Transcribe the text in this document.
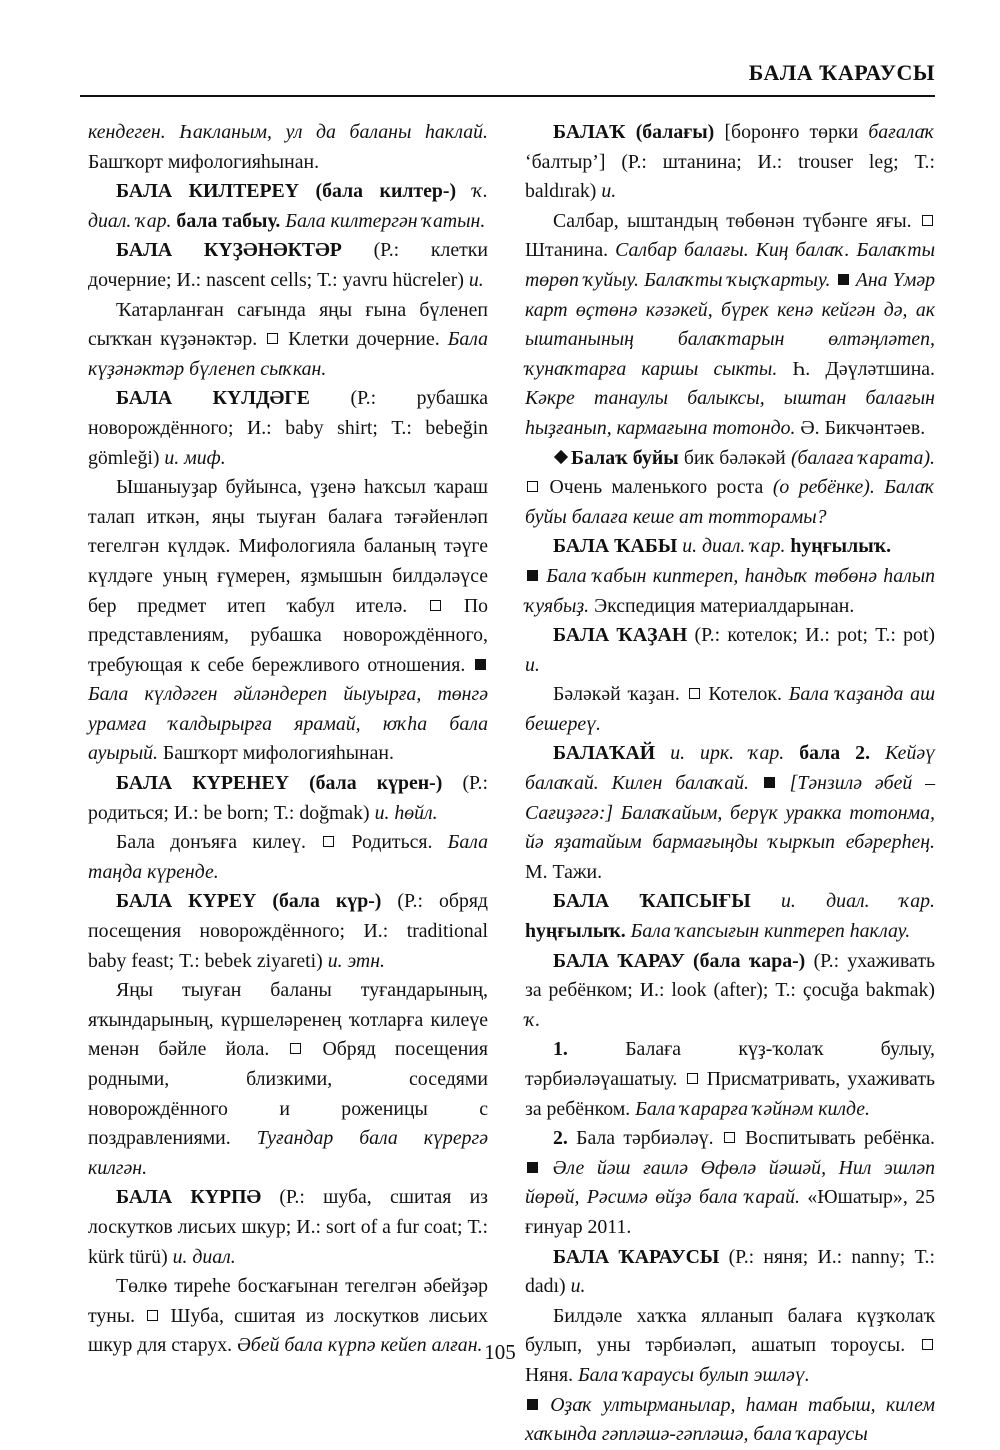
БАЛА ҠАРАУСЫ

кендеген. Һакланым, ул да баланы һаклай. Башҡорт мифологияһынан.

БАЛА КИЛТЕРЕҮ (бала килтер-) ҡ. диал. ҡар. бала табыу. Бала килтергән ҡатын.

БАЛА КҮҘӘНӘКТӘР (Р.: клетки дочерние; И.: nascent cells; Т.: yavru hücreler) и.

Ҡатарланған сағында яңы ғына бүленеп сыҡҡан күҙәнәктәр.  Клетки дочерние. Бала күҙәнәктәр бүленеп сыҡкан.

БАЛА КҮЛДӘГЕ (Р.: рубашка новорождённого; И.: baby shirt; Т.: bebeğin gömleği) и. миф.

Ышаныуҙар буйынса, үҙенә һаҡсыл ҡараш талап иткән, яңы тыуған балаға тәғәйенләп тегелгән күлдәк. Мифологияла баланың тәүге күлдәге уның ғүмерен, яҙмышын билдәләүсе бер предмет итеп ҡабул ителә.  По представлениям, рубашка новорождённого, требующая к себе бережливого отношения.  Бала күлдәген әйләндереп йыуырға, төнгә урамға ҡалдырырға ярамай, юҡһа бала ауырый. Башҡорт мифологияһынан.

БАЛА КҮРЕНЕҮ (бала күрен-) (Р.: родиться; И.: be born; Т.: doğmak) и. һөйл.

Бала донъяға килеү.  Родиться. Бала таңда күренде.

БАЛА КҮРЕҮ (бала күр-) (Р.: обряд посещения новорождённого; И.: traditional baby feast; Т.: bebek ziyareti) и. этн.

Яңы тыуған баланы туғандарының, яҡындарының, күршеләренең ҡотларға килеүе менән бәйле йола.  Обряд посещения родными, близкими, соседями новорождённого и роженицы с поздравлениями. Туғандар бала күрергә килгән.

БАЛА КҮРПӘ (Р.: шуба, сшитая из лоскутков лисьих шкур; И.: sort of a fur coat; Т.: kürk türü) и. диал.

Төлкө тиреһе босҡағынан тегелгән әбейҙәр туны.  Шуба, сшитая из лоскутков лисьих шкур для старух. Әбей бала күрпә кейеп алған.

БАЛАҠ (балағы) [боронғо төрки бағалаҡ ‘балтыр’] (Р.: штанина; И.: trouser leg; Т.: baldırak) и.

Салбар, ыштандың төбөнән түбәнге яғы.  Штанина. Салбар балағы. Киң балаҡ. Балаҡты төрөп ҡуйыу. Балаҡты ҡыҫҡартыу.  Ана Үмәр карт өҫтөнә кәзәкей, бүрек кенә кейгән дә, ак ыштанының балаҡтарын өлтәңләтеп, ҡунаҡтарға каршы сыкты. Һ. Дәүләтшина. Кәкре танаулы балыксы, ыштан балағын һыҙғанып, кармағына тотондо. Ә. Бикчәнтәев.

Балаҡ буйы бик бәләкәй (балаға ҡарата).  Очень маленького роста (о ребёнке). Балаҡ буйы балаға кеше ат тотторамы?

БАЛА ҠАБЫ и. диал. ҡар. һуңғылыҡ.

Бала ҡабын киптереп, һандыҡ төбөнә һалып ҡуябыҙ. Экспедиция материалдарынан.

БАЛА ҠАҘАН (Р.: котелок; И.: pot; Т.: pot) и.

Бәләкәй ҡаҙан.  Котелок. Бала ҡаҙанда аш бешереү.

БАЛАҠАЙ и. ирк. ҡар. бала 2. Кейәү балаҡай. Килен балаҡай.  [Тәнзилә әбей – Сағиҙәгә:] Балаҡайым, берүк уракка тотонма, йә яҙатайым бармағыңды ҡыркып ебәрерһең. М. Тажи.

БАЛА ҠАПСЫҒЫ и. диал. ҡар. һуңғылыҡ. Бала ҡапсығын киптереп һаклау.

БАЛА ҠАРАУ (бала ҡара-) (Р.: ухаживать за ребёнком; И.: look (after); Т.: çocuğa bakmak) ҡ.

1. Балаға күҙ-ҡолаҡ булыу, тәрбиәләүашатыу.  Присматривать, ухаживать за ребёнком. Бала ҡарарға ҡәйнәм килде.

2. Бала тәрбиәләү.  Воспитывать ребёнка.  Әле йәш ғаилә Өфөлә йәшәй, Нил эшләп йөрөй, Рәсимә өйҙә бала ҡарай. «Юшатыр», 25 ғинуар 2011.

БАЛА ҠАРАУСЫ (Р.: няня; И.: nanny; Т.: dadı) и.

Билдәле хаҡҡа ялланып балаға күҙҡолаҡ булып, уны тәрбиәләп, ашатып тороусы.  Няня. Бала ҡараусы булып эшләү.

Оҙаҡ ултырманылар, һаман табыш, килем хаҡында гәпләшә-гәпләшә, бала ҡараусы

105
